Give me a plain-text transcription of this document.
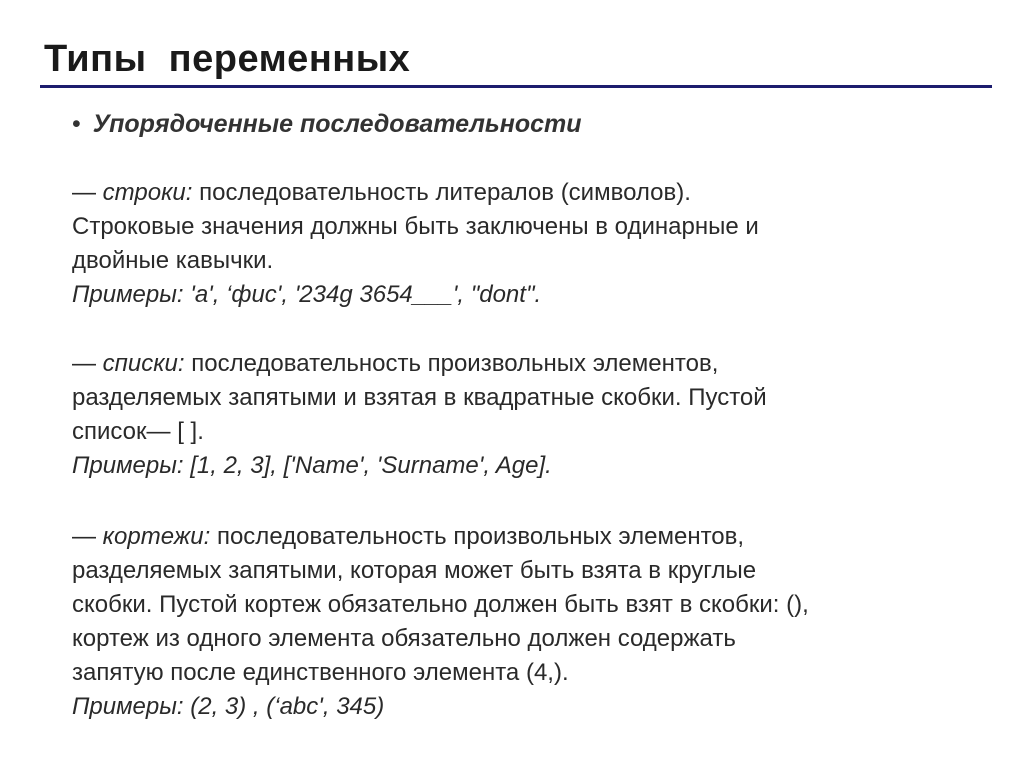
Типы  переменных
• Упорядоченные последовательности
— строки: последовательность литералов (символов).
Строковые значения должны быть заключены в одинарные и
двойные кавычки.
Примеры: 'a', ‘фис', '234g 3654___', "dont".
— списки: последовательность произвольных элементов,
разделяемых запятыми и взятая в квадратные скобки. Пустой
список— [ ].
Примеры: [1, 2, 3], ['Name', 'Surname', Age].
— кортежи: последовательность произвольных элементов,
разделяемых запятыми, которая может быть взята в круглые
скобки. Пустой кортеж обязательно должен быть взят в скобки: (),
кортеж из одного элемента обязательно должен содержать
запятую после единственного элемента (4,).
Примеры: (2, 3) , (‘abc', 345)
